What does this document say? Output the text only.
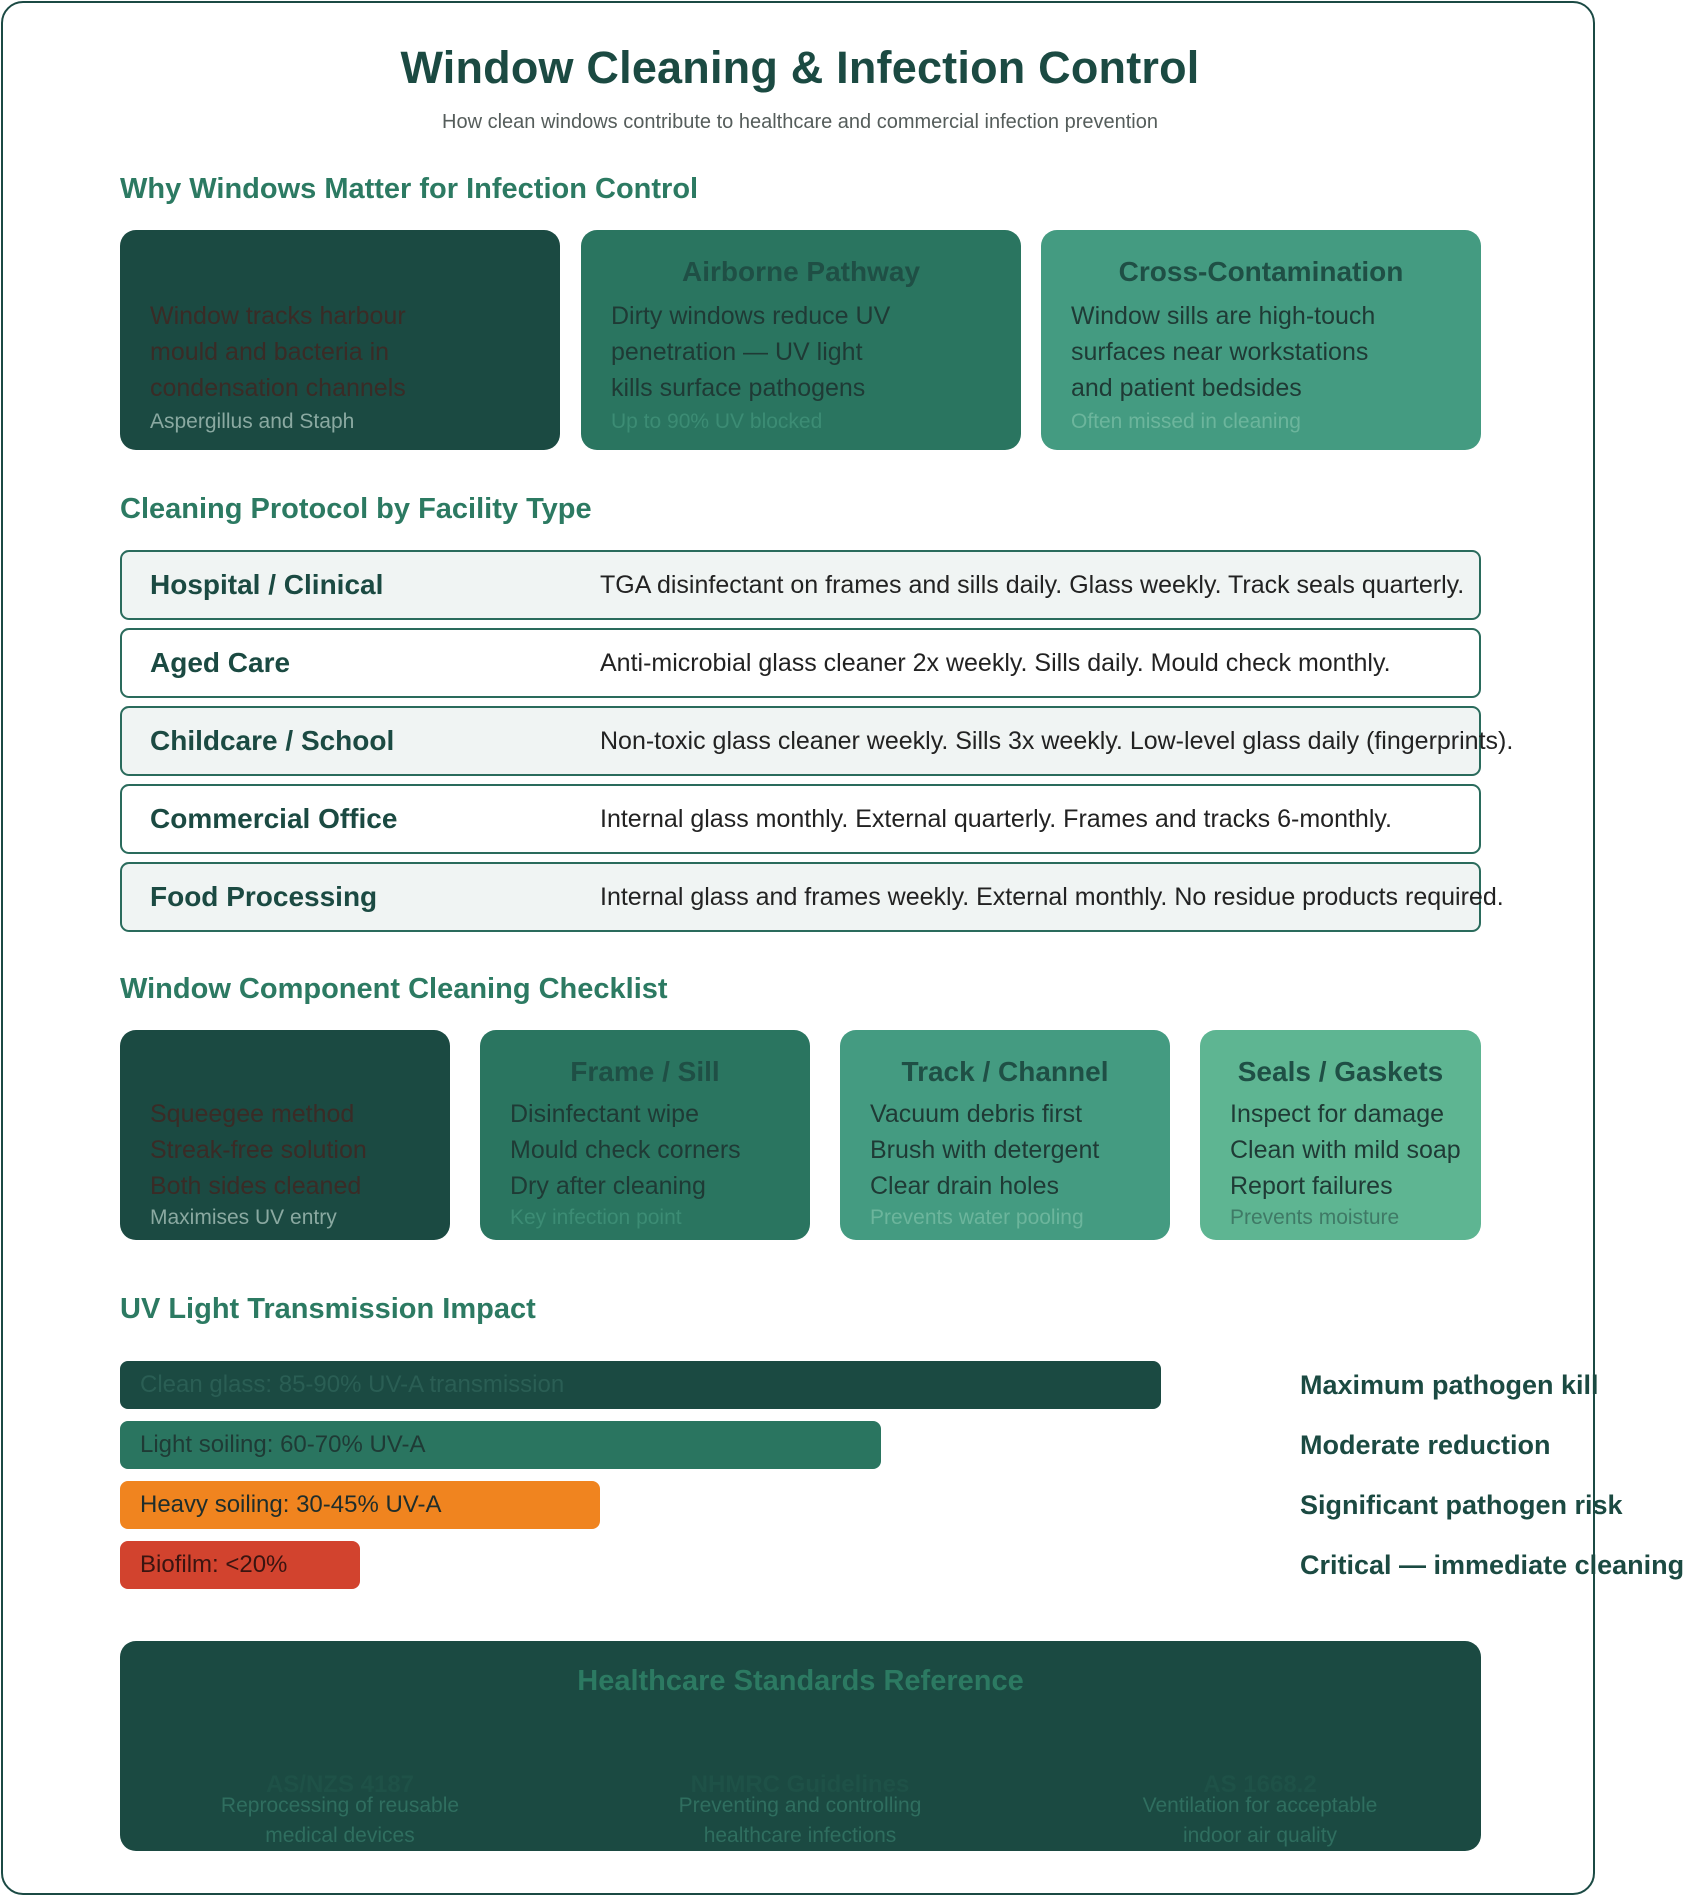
Window Cleaning & Infection Control
How clean windows contribute to healthcare and commercial infection prevention
Why Windows Matter for Infection Control
Window tracks harbour
mould and bacteria in
condensation channels
Aspergillus and Staph
Airborne Pathway
Dirty windows reduce UV
penetration — UV light
kills surface pathogens
Up to 90% UV blocked
Cross-Contamination
Window sills are high-touch
surfaces near workstations
and patient bedsides
Often missed in cleaning
Cleaning Protocol by Facility Type
Hospital / Clinical	TGA disinfectant on frames and sills daily. Glass weekly. Track seals quarterly.
Aged Care	Anti-microbial glass cleaner 2x weekly. Sills daily. Mould check monthly.
Childcare / School	Non-toxic glass cleaner weekly. Sills 3x weekly. Low-level glass daily (fingerprints).
Commercial Office	Internal glass monthly. External quarterly. Frames and tracks 6-monthly.
Food Processing	Internal glass and frames weekly. External monthly. No residue products required.
Window Component Cleaning Checklist
Squeegee method
Streak-free solution
Both sides cleaned
Maximises UV entry
Frame / Sill
Disinfectant wipe
Mould check corners
Dry after cleaning
Key infection point
Track / Channel
Vacuum debris first
Brush with detergent
Clear drain holes
Prevents water pooling
Seals / Gaskets
Inspect for damage
Clean with mild soap
Report failures
Prevents moisture
UV Light Transmission Impact
Clean glass: 85-90% UV-A transmission	Maximum pathogen kill
Light soiling: 60-70% UV-A	Moderate reduction
Heavy soiling: 30-45% UV-A	Significant pathogen risk
Biofilm: <20%	Critical — immediate cleaning
Healthcare Standards Reference
AS/NZS 4187
Reprocessing of reusable
medical devices
NHMRC Guidelines
Preventing and controlling
healthcare infections
AS 1668.2
Ventilation for acceptable
indoor air quality
